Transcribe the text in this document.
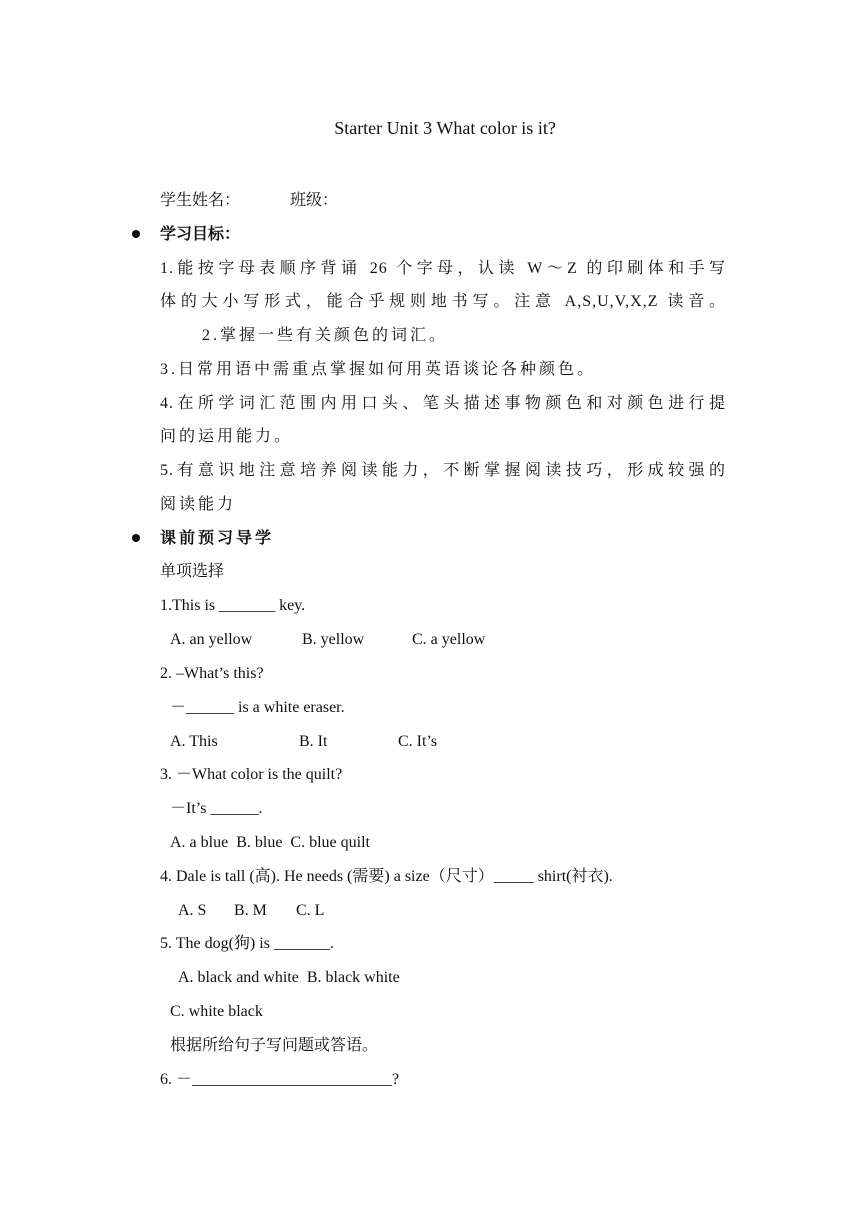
Starter Unit 3 What color is it?
学生姓名：	班级：
学习目标：
1.能按字母表顺序背诵 26 个字母，认读 W～Z 的印刷体和手写
体的大小写形式，能合乎规则地书写。注意 A,S,U,V,X,Z 读音。
2.掌握一些有关颜色的词汇。
3.日常用语中需重点掌握如何用英语谈论各种颜色。
4.在所学词汇范围内用口头、笔头描述事物颜色和对颜色进行提
问的运用能力。
5.有意识地注意培养阅读能力，不断掌握阅读技巧，形成较强的
阅读能力
课前预习导学
单项选择
1.This is _______ key.
A. an yellow	B. yellow	C. a yellow
2. –What’s this?
－______ is a white eraser.
A. This	B. It	C. It’s
3. －What color is the quilt?
－It’s ______.
A. a blue  B. blue  C. blue quilt
4. Dale is tall (高). He needs (需要) a size（尺寸）_____ shirt(衬衣).
A. S B. M C. L
5. The dog(狗) is _______.
A. black and white  B. black white
C. white black
根据所给句子写问题或答语。
6. －_________________________?
